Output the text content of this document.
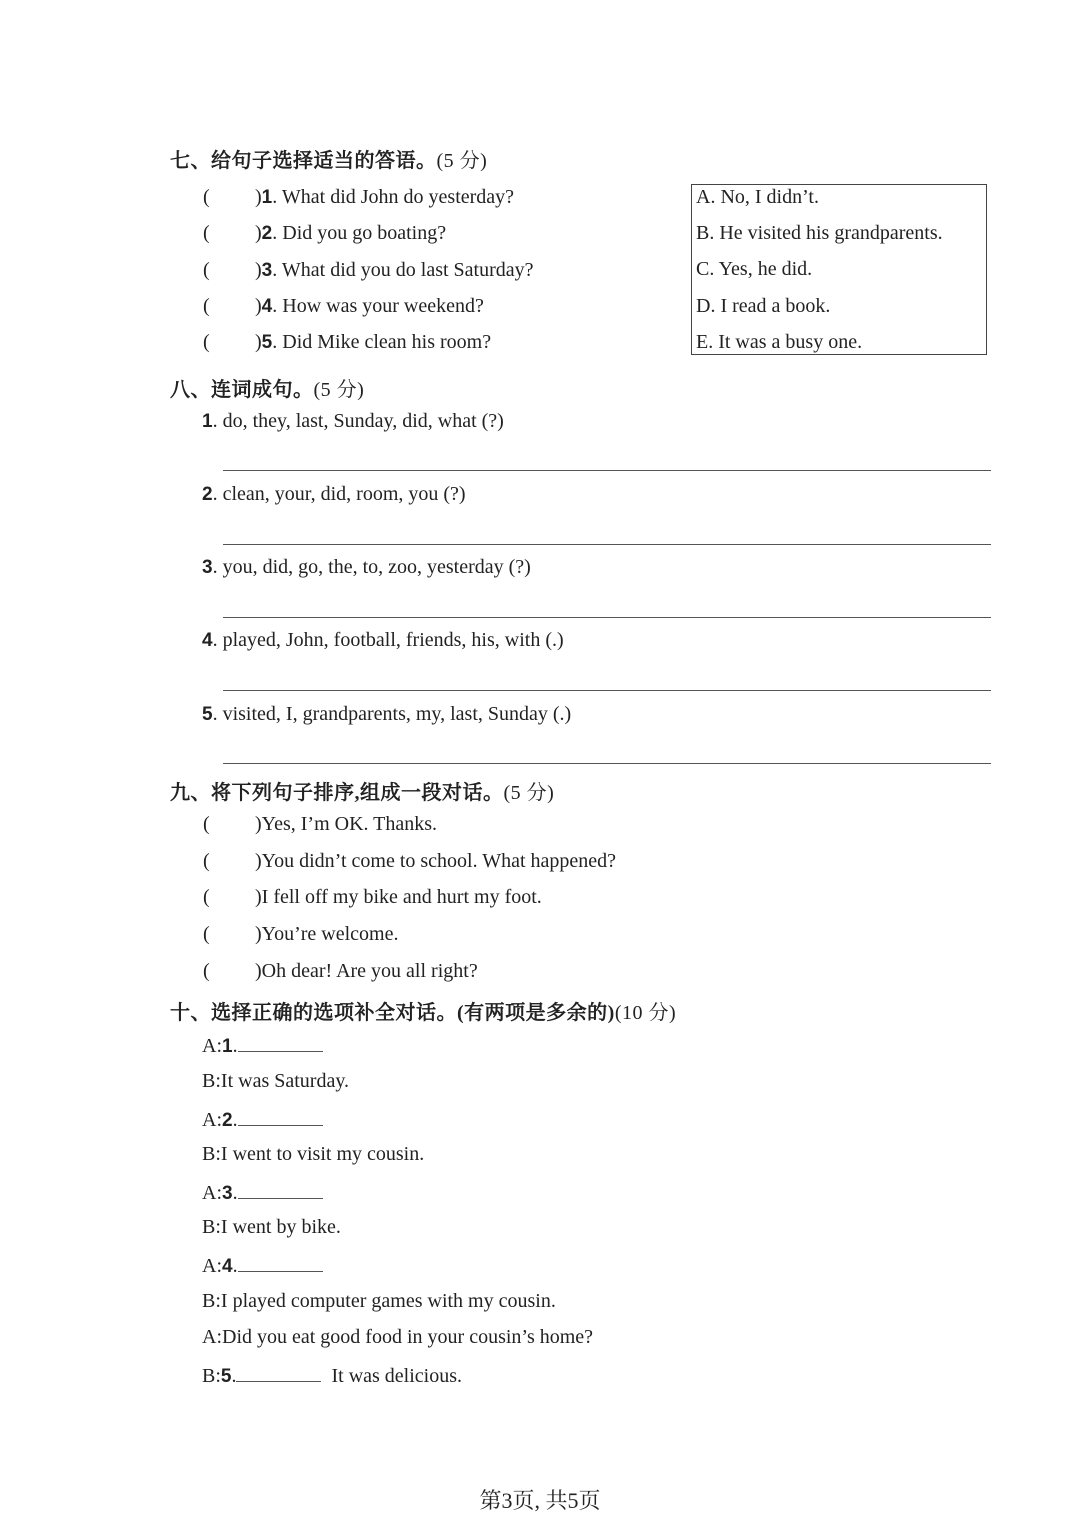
七、给句子选择适当的答语。(5 分)
( )1. What did John do yesterday?
( )2. Did you go boating?
( )3. What did you do last Saturday?
( )4. How was your weekend?
( )5. Did Mike clean his room?
A. No, I didn’t.
B. He visited his grandparents.
C. Yes, he did.
D. I read a book.
E. It was a busy one.
八、连词成句。(5 分)
1. do, they, last, Sunday, did, what (?)
2. clean, your, did, room, you (?)
3. you, did, go, the, to, zoo, yesterday (?)
4. played, John, football, friends, his, with (.)
5. visited, I, grandparents, my, last, Sunday (.)
九、将下列句子排序,组成一段对话。(5 分)
( )Yes, I’m OK. Thanks.
( )You didn’t come to school. What happened?
( )I fell off my bike and hurt my foot.
( )You’re welcome.
( )Oh dear! Are you all right?
十、选择正确的选项补全对话。(有两项是多余的)(10 分)
A:1.
B:It was Saturday.
A:2.
B:I went to visit my cousin.
A:3.
B:I went by bike.
A:4.
B:I played computer games with my cousin.
A:Did you eat good food in your cousin’s home?
B:5.	It was delicious.
第3页, 共5页
